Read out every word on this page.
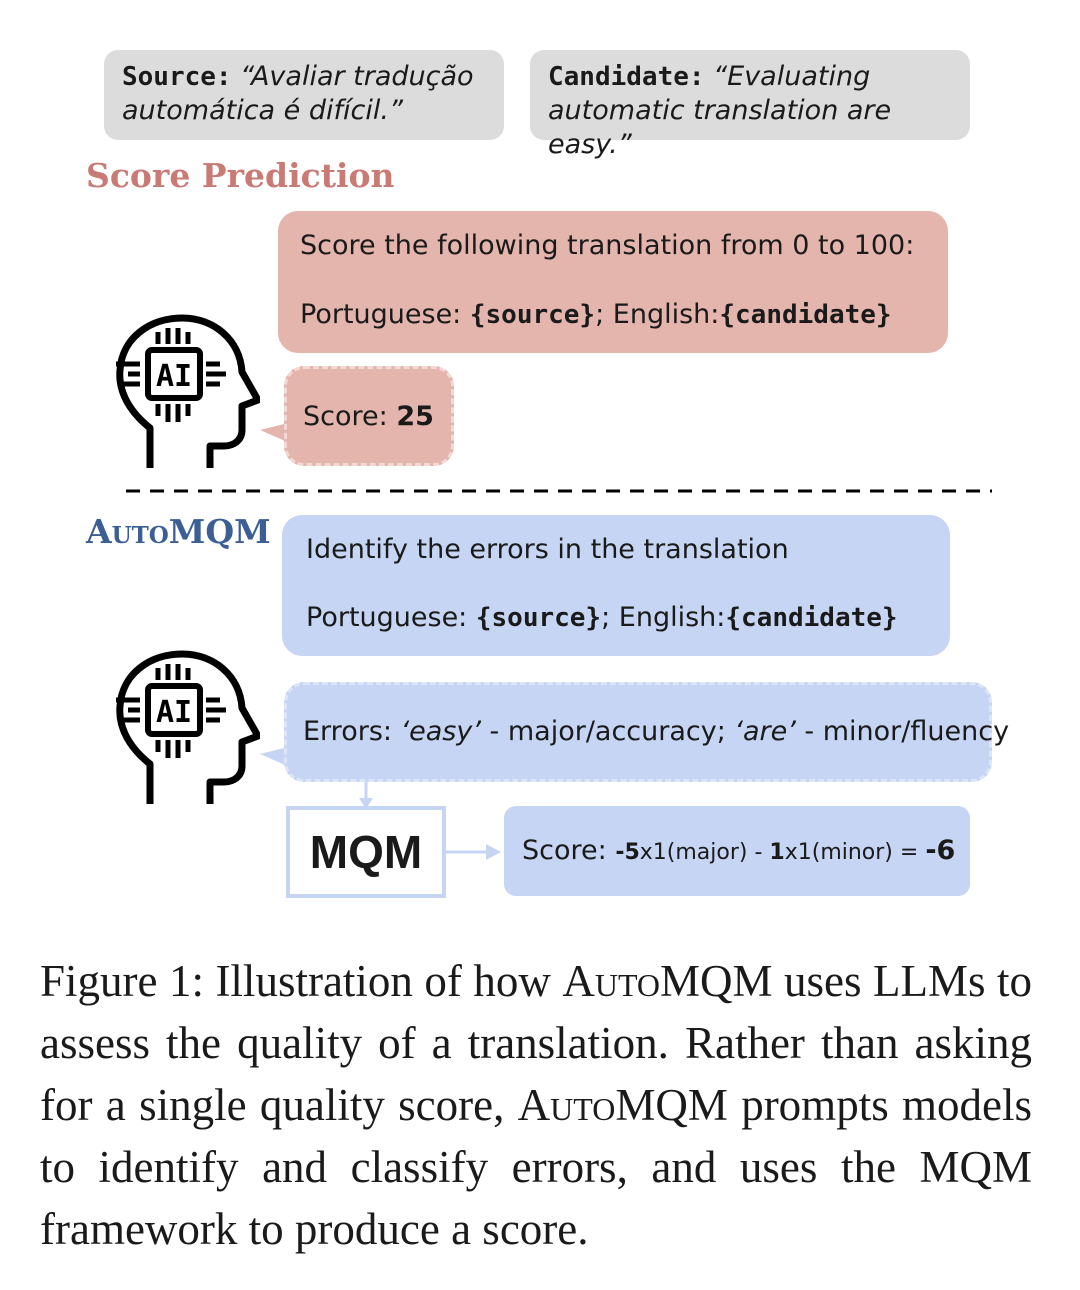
Source: “Avaliar tradução automática é difícil.”
Candidate: “Evaluating automatic translation are easy.”
Score Prediction
Score the following translation from 0 to 100:
Portuguese: {source}; English:{candidate}
AI
Score: 25
AutoMQM Identify the errors in the translation
Portuguese: {source}; English:{candidate}
AI
Errors: ‘easy’ - major/accuracy; ‘are’ - minor/fluency
MQM	Score: -5x1(major) - 1x1(minor) = -6
Figure 1: Illustration of how AutoMQM uses LLMs to assess the quality of a translation. Rather than asking for a single quality score, AutoMQM prompts models to identify and classify errors, and uses the MQM framework to produce a score.
